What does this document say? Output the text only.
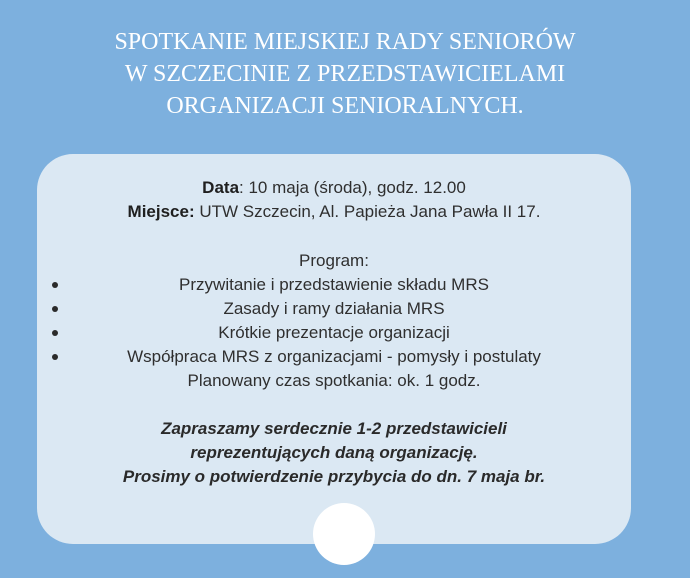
SPOTKANIE MIEJSKIEJ RADY SENIORÓW
W SZCZECINIE Z PRZEDSTAWICIELAMI
ORGANIZACJI SENIORALNYCH.
Data: 10 maja (środa), godz. 12.00
Miejsce: UTW Szczecin, Al. Papieża Jana Pawła II 17.
Program:
Przywitanie i przedstawienie składu MRS
Zasady i ramy działania MRS
Krótkie prezentacje organizacji
Współpraca MRS z organizacjami - pomysły i postulaty
Planowany czas spotkania: ok. 1 godz.
Zapraszamy serdecznie 1-2 przedstawicieli
reprezentujących daną organizację.
Prosimy o potwierdzenie przybycia do dn. 7 maja br.
